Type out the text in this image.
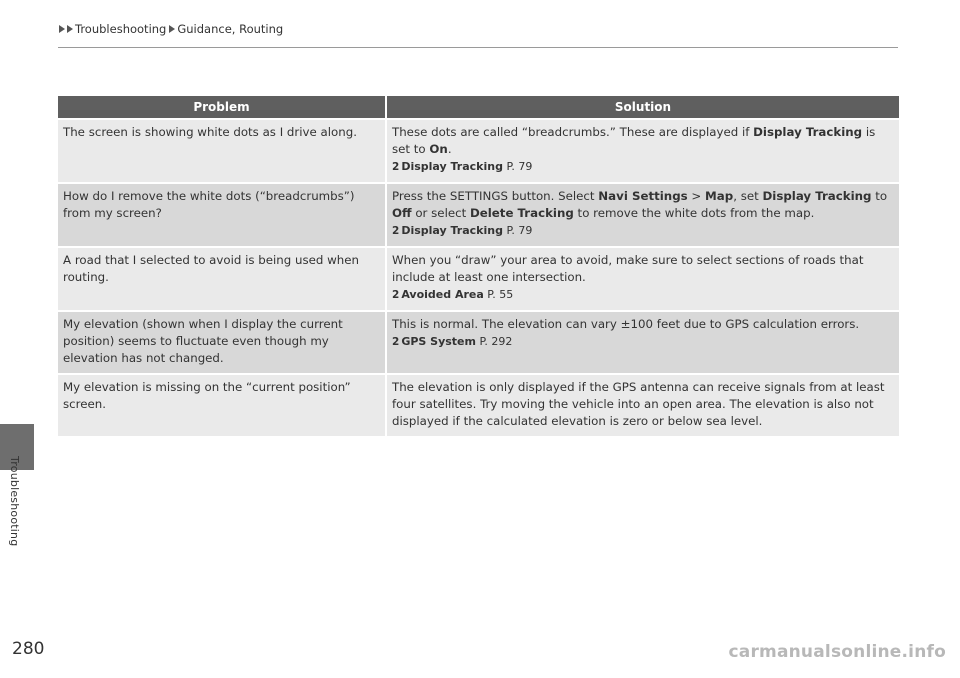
Troubleshooting Guidance, Routing
Problem	Solution
The screen is showing white dots as I drive along.	These dots are called “breadcrumbs.” These are displayed if Display Tracking is set to On.
2 Display Tracking P. 79
How do I remove the white dots (“breadcrumbs”) from my screen?	Press the SETTINGS button. Select Navi Settings > Map, set Display Tracking to Off or select Delete Tracking to remove the white dots from the map.
2 Display Tracking P. 79
A road that I selected to avoid is being used when routing.	When you “draw” your area to avoid, make sure to select sections of roads that include at least one intersection.
2 Avoided Area P. 55
My elevation (shown when I display the current position) seems to fluctuate even though my elevation has not changed.	This is normal. The elevation can vary ±100 feet due to GPS calculation errors.
2 GPS System P. 292
My elevation is missing on the “current position” screen.	The elevation is only displayed if the GPS antenna can receive signals from at least four satellites. Try moving the vehicle into an open area. The elevation is also not displayed if the calculated elevation is zero or below sea level.
Troubleshooting
280	carmanualsonline.info
